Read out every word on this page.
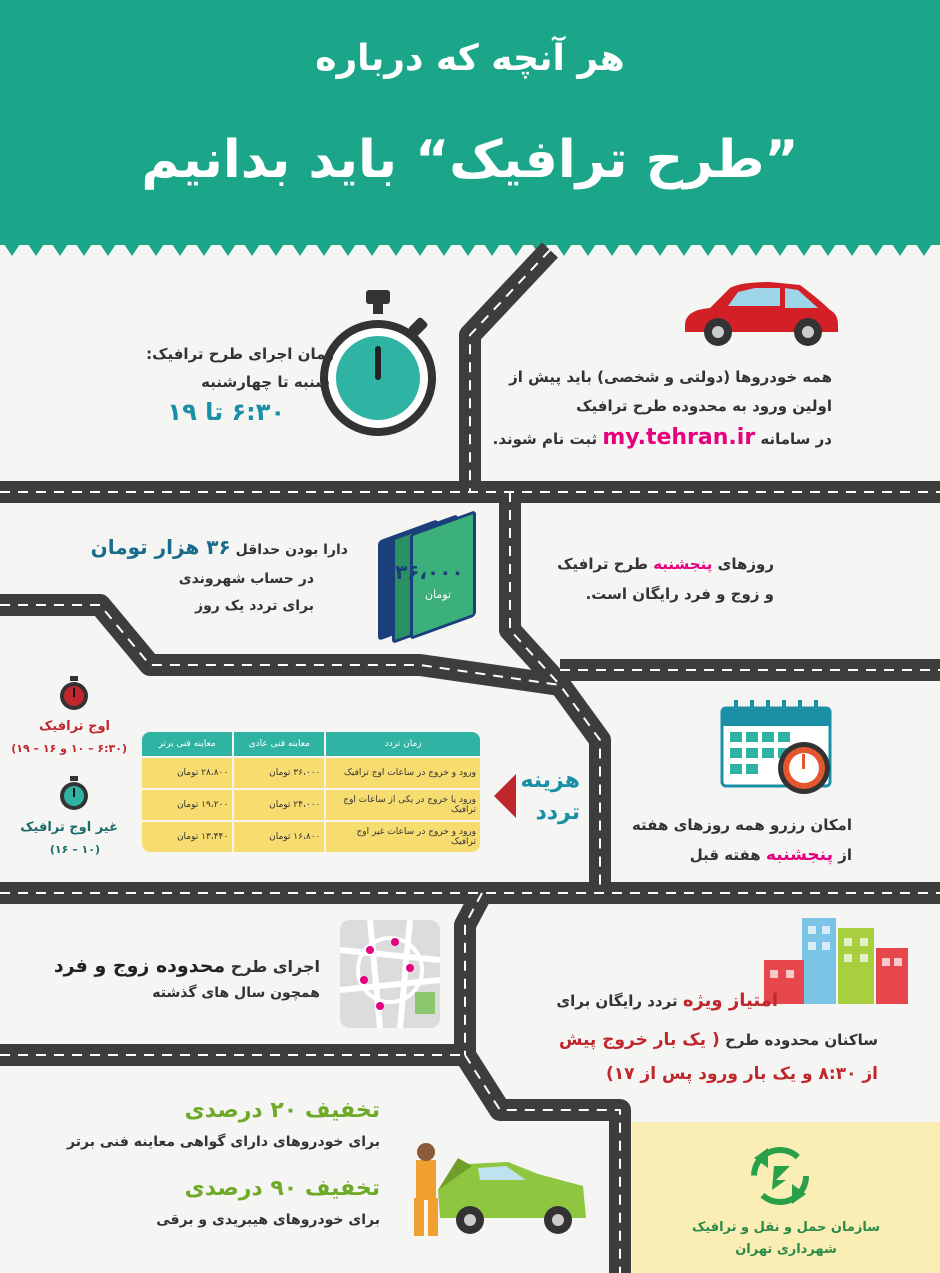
هر آنچه که درباره
”طرح ترافیک“ باید بدانیم
زمان اجرای طرح ترافیک:
شنبه تا چهارشنبه
۶:۳۰ تا ۱۹
همه خودروها (دولتی و شخصی) باید پیش از
اولین ورود به محدوده طرح ترافیک
در سامانه my.tehran.ir ثبت نام شوند.
دارا بودن حداقل ۳۶ هزار تومان
در حساب شهروندی
برای تردد یک روز
۳۶،۰۰۰
تومان
روزهای پنجشنبه طرح ترافیک
و زوج و فرد رایگان است.
اوج ترافیک
(۶:۳۰ – ۱۰ و ۱۶ – ۱۹)
غیر اوج ترافیک
(۱۰ – ۱۶)
زمان تردد	معاینه فنی عادی	معاینه فنی برتر
ورود و خروج در ساعات اوج ترافیک	۳۶،۰۰۰ تومان	۲۸،۸۰۰ تومان
ورود یا خروج در یکی از ساعات اوج ترافیک	۲۴،۰۰۰ تومان	۱۹،۲۰۰ تومان
ورود و خروج در ساعات غیر اوج ترافیک	۱۶،۸۰۰ تومان	۱۳،۴۴۰ تومان
هزینه
تردد	امکان رزرو همه روزهای هفته
از پنجشنبه هفته قبل
اجرای طرح محدوده زوج و فرد
همچون سال های گذشته	امتیاز ویژه تردد رایگان برای
ساکنان محدوده طرح ( یک بار خروج پیش
از ۸:۳۰ و یک بار ورود پس از ۱۷)
تخفیف ۲۰ درصدی
برای خودروهای دارای گواهی معاینه فنی برتر
تخفیف ۹۰ درصدی
برای خودروهای هیبریدی و برقی	سازمان حمل و نقل و ترافیک
شهرداری تهران
